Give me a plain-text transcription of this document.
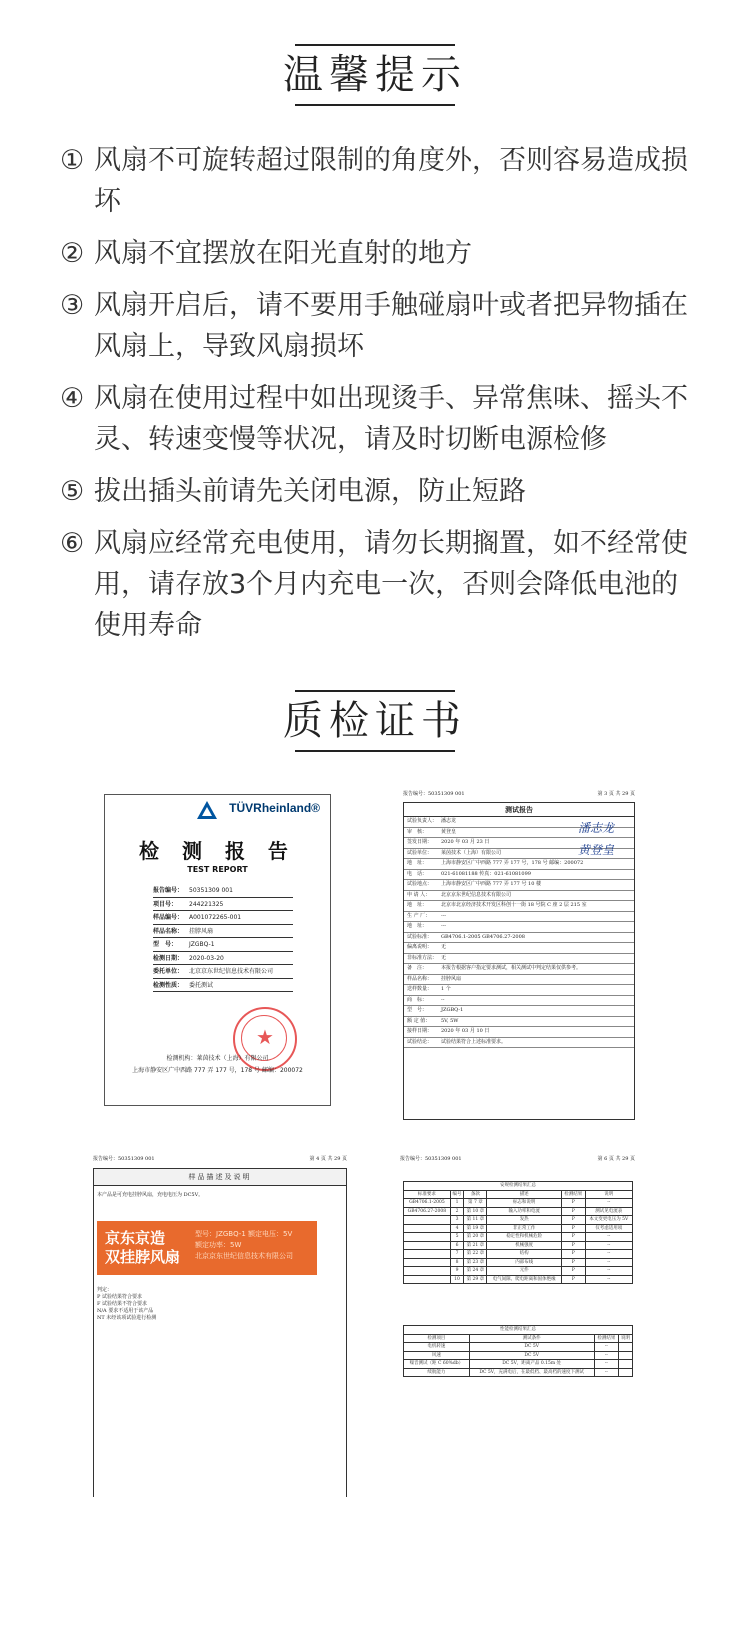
温馨提示
① 风扇不可旋转超过限制的角度外，否则容易造成损坏
② 风扇不宜摆放在阳光直射的地方
③ 风扇开启后，请不要用手触碰扇叶或者把异物插在风扇上，导致风扇损坏
④ 风扇在使用过程中如出现烫手、异常焦味、摇头不灵、转速变慢等状况，请及时切断电源检修
⑤ 拔出插头前请先关闭电源，防止短路
⑥ 风扇应经常充电使用，请勿长期搁置，如不经常使用，请存放3个月内充电一次，否则会降低电池的使用寿命
质检证书
TÜVRheinland®
检 测 报 告
TEST REPORT
报告编号： 50351309 001
项目号： 244221325
样品编号： A001072265-001
样品名称： 挂脖风扇
型　号： JZGBQ-1
检测日期： 2020-03-20
委托单位： 北京京东世纪信息技术有限公司
检测性质： 委托测试
★
检测机构：莱茵技术（上海）有限公司
上海市静安区广中西路 777 弄 177 号，178 号 邮编：200072
报告编号：50351309 001	第 3 页 共 29 页
测试报告
试验负责人： 潘志龙
审　核：	黄登皇
签发日期： 2020 年 03 月 23 日
试验单位： 莱茵技术（上海）有限公司
地　址：	上海市静安区广中西路 777 弄 177 号，178 号 邮编：200072
电　话：	021-61081188 传真：021-61081099
试验地点： 上海市静安区广中西路 777 弄 177 号 10 楼
申 请 人： 北京京东世纪信息技术有限公司
地　址：	北京市北京经济技术开发区科创十一街 18 号院 C 座 2 层 215 室
生 产 厂： ---
地　址：	---
试验标准： GB4706.1-2005 GB4706.27-2008
偏离说明： 无
非标准方法： 无
备　注：	本报告根据客户指定要求测试，相关测试中判定结果仅供参考。
样品名称： 挂脖风扇
送样数量： 1 个
商　标：	--
型　号：	JZGBQ-1
额 定 值： 5V, 5W
接样日期： 2020 年 03 月 10 日
试验结论： 试验结果符合上述标准要求。
潘志龙
黄登皇
报告编号：50351309 001	第 4 页 共 29 页
样品描述及说明
本产品是可充电挂脖风扇，充电电压为 DC5V。
京东京造
双挂脖风扇
型号：JZGBQ-1 额定电压：5V
额定功率：5W
北京京东世纪信息技术有限公司
判定：
P 试验结果符合要求
F 试验结果不符合要求
N/A 要求不适用于该产品
NT 未经该项试验进行检测
报告编号：50351309 001	第 6 页 共 29 页
安规检测结果汇总					
标准要求	编号	条款	描述	检测结果	说明
GB4706.1-2005	1	第 7 章	标志和说明	P	--
GB4706.27-2008	2	第 10 章	输入功率和电流	P	测试见电流表
	3	第 11 章	发热	P	本文变更电压为 5V
	4	第 19 章	非正常工作	P	仅考虑适用项
	5	第 20 章	稳定性和机械危险	P	--
	6	第 21 章	机械强度	P	--
	7	第 22 章	结构	P	--
	8	第 23 章	内部布线	P	--
	9	第 24 章	元件	P	--
	10	第 29 章	电气间隙、爬电距离和固体绝缘	P	--
性能检测结果汇总			
检测项目	测试条件	检测结果	说明
电机转速	DC 5V	--	
风速	DC 5V	--	
噪音测试（距 C 60%db）	DC 5V，距离产品 0.15m 处	--	
续航能力	DC 5V，充满电后，在最低档、最高档的速度下测试	--	
